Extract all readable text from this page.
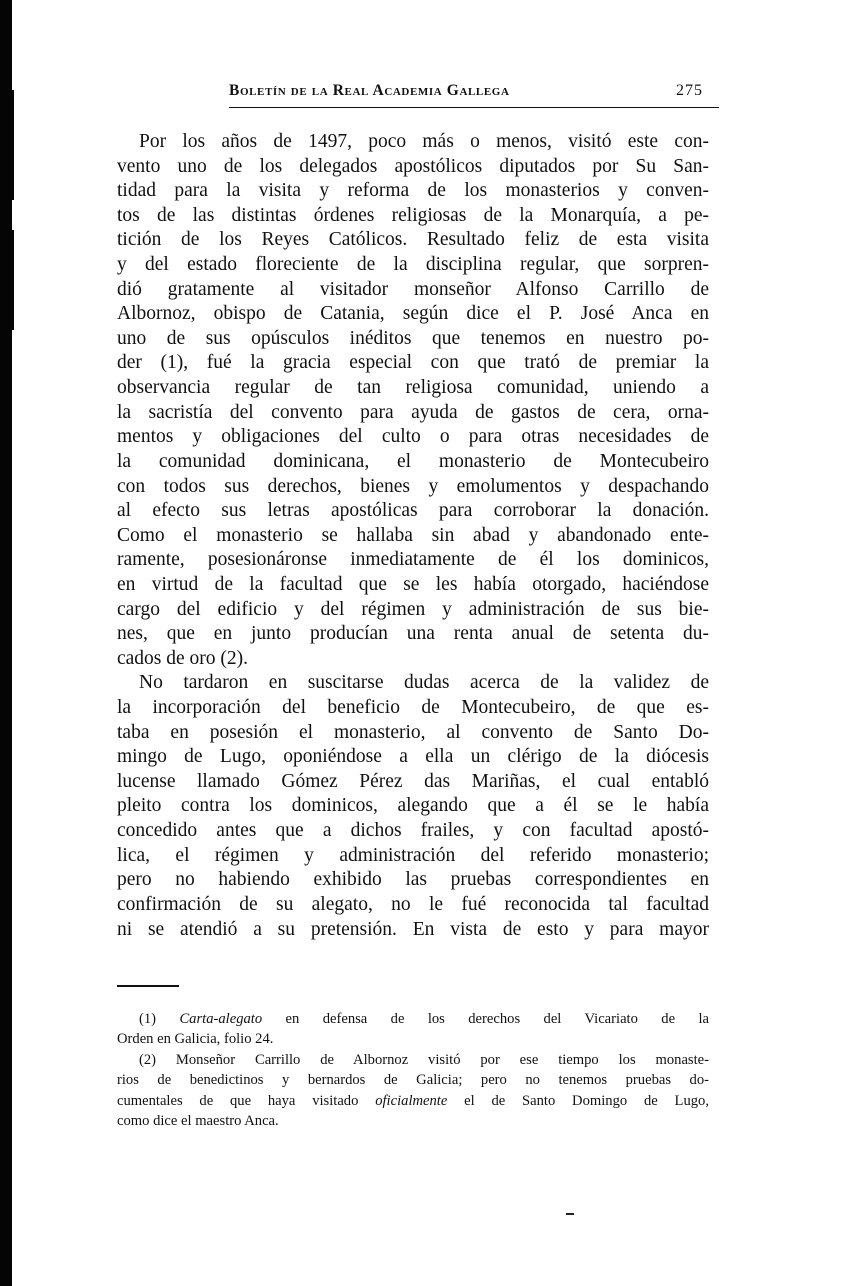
Boletín de la Real Academia Gallega	275
Por los años de 1497, poco más o menos, visitó este con-
vento uno de los delegados apostólicos diputados por Su San-
tidad para la visita y reforma de los monasterios y conven-
tos de las distintas órdenes religiosas de la Monarquía, a pe-
tición de los Reyes Católicos. Resultado feliz de esta visita
y del estado floreciente de la disciplina regular, que sorpren-
dió gratamente al visitador monseñor Alfonso Carrillo de
Albornoz, obispo de Catania, según dice el P. José Anca en
uno de sus opúsculos inéditos que tenemos en nuestro po-
der (1), fué la gracia especial con que trató de premiar la
observancia regular de tan religiosa comunidad, uniendo a
la sacristía del convento para ayuda de gastos de cera, orna-
mentos y obligaciones del culto o para otras necesidades de
la comunidad dominicana, el monasterio de Montecubeiro
con todos sus derechos, bienes y emolumentos y despachando
al efecto sus letras apostólicas para corroborar la donación.
Como el monasterio se hallaba sin abad y abandonado ente-
ramente, posesionáronse inmediatamente de él los dominicos,
en virtud de la facultad que se les había otorgado, haciéndose
cargo del edificio y del régimen y administración de sus bie-
nes, que en junto producían una renta anual de setenta du-
cados de oro (2).
No tardaron en suscitarse dudas acerca de la validez de
la incorporación del beneficio de Montecubeiro, de que es-
taba en posesión el monasterio, al convento de Santo Do-
mingo de Lugo, oponiéndose a ella un clérigo de la diócesis
lucense llamado Gómez Pérez das Mariñas, el cual entabló
pleito contra los dominicos, alegando que a él se le había
concedido antes que a dichos frailes, y con facultad apostó-
lica, el régimen y administración del referido monasterio;
pero no habiendo exhibido las pruebas correspondientes en
confirmación de su alegato, no le fué reconocida tal facultad
ni se atendió a su pretensión. En vista de esto y para mayor
(1) Carta-alegato en defensa de los derechos del Vicariato de la
Orden en Galicia, folio 24.
(2) Monseñor Carrillo de Albornoz visitó por ese tiempo los monaste-
rios de benedictinos y bernardos de Galicia; pero no tenemos pruebas do-
cumentales de que haya visitado oficialmente el de Santo Domingo de Lugo,
como dice el maestro Anca.
